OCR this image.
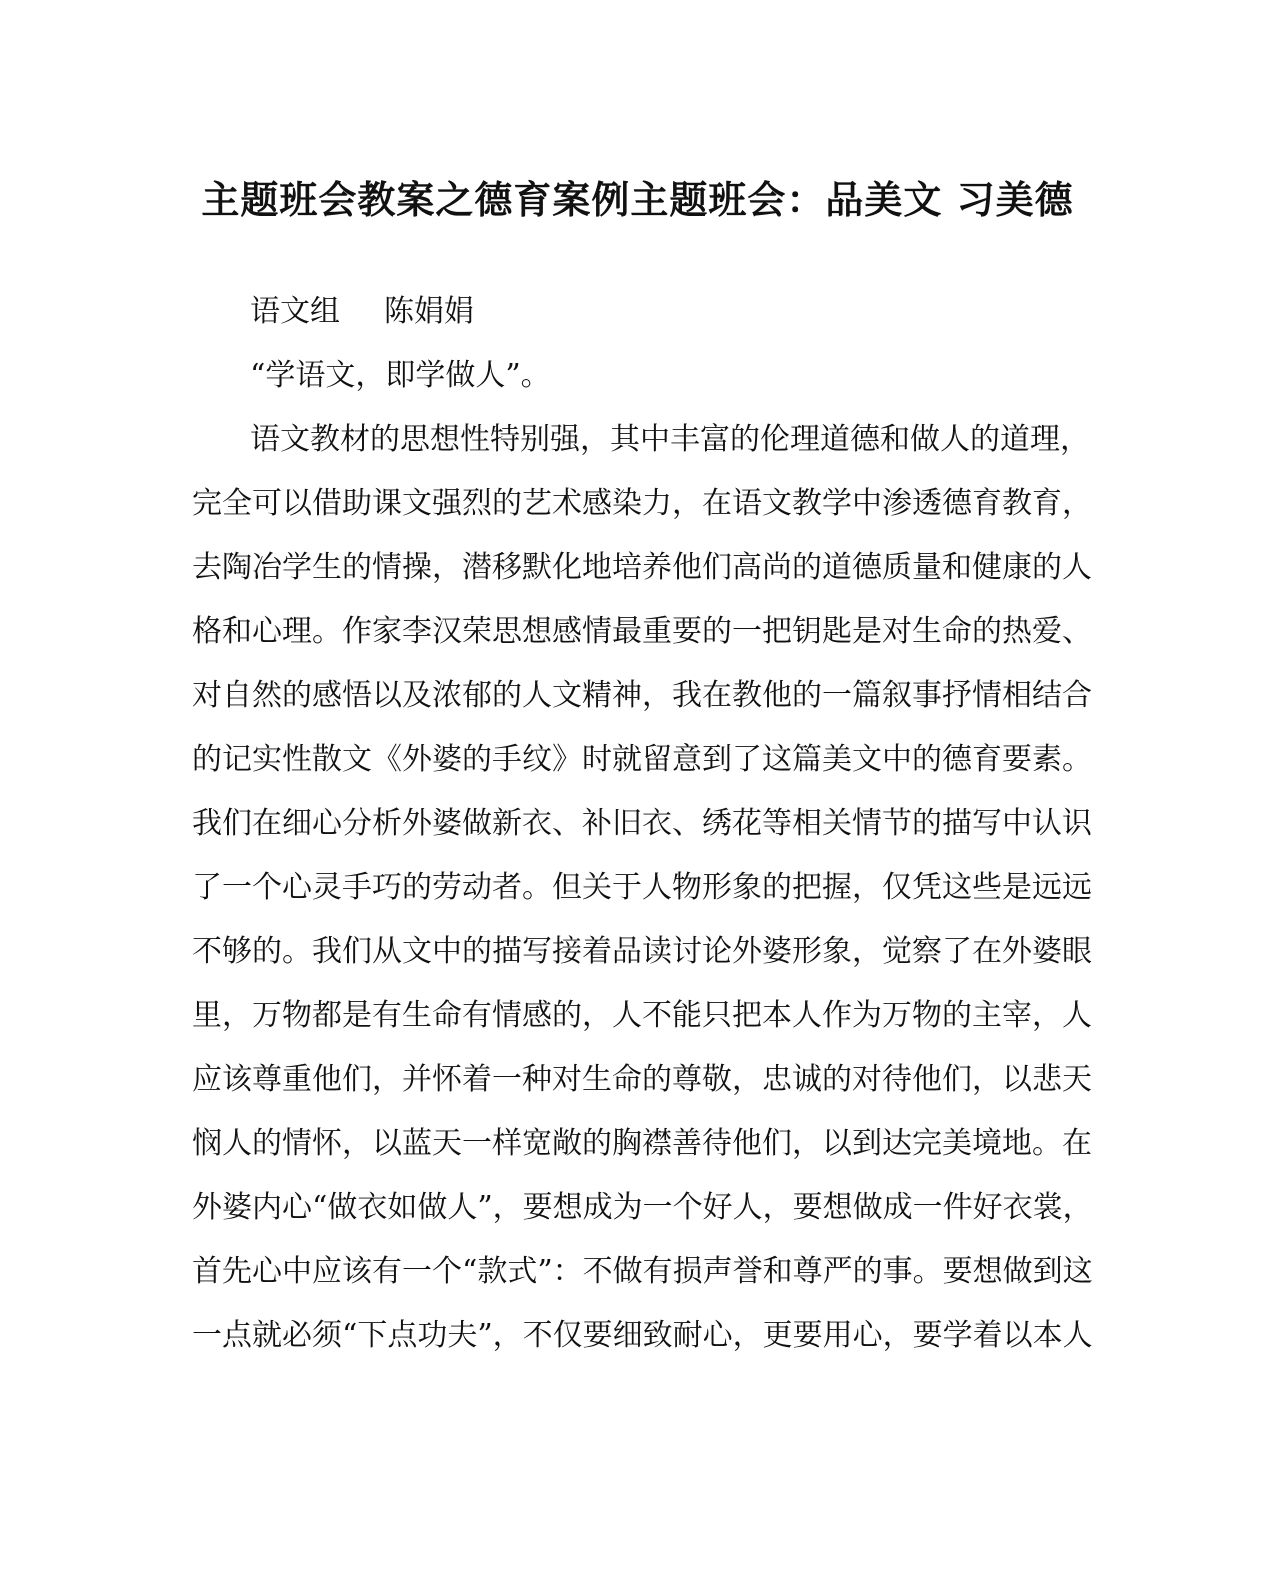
主题班会教案之德育案例主题班会：品美文 习美德
语文组 陈娟娟
“学语文，即学做人”。
语文教材的思想性特别强，其中丰富的伦理道德和做人的道理，
完全可以借助课文强烈的艺术感染力，在语文教学中渗透德育教育，
去陶冶学生的情操，潜移默化地培养他们高尚的道德质量和健康的人
格和心理。作家李汉荣思想感情最重要的一把钥匙是对生命的热爱、
对自然的感悟以及浓郁的人文精神，我在教他的一篇叙事抒情相结合
的记实性散文《外婆的手纹》时就留意到了这篇美文中的德育要素。
我们在细心分析外婆做新衣、补旧衣、绣花等相关情节的描写中认识
了一个心灵手巧的劳动者。但关于人物形象的把握，仅凭这些是远远
不够的。我们从文中的描写接着品读讨论外婆形象，觉察了在外婆眼
里，万物都是有生命有情感的，人不能只把本人作为万物的主宰，人
应该尊重他们，并怀着一种对生命的尊敬，忠诚的对待他们，以悲天
悯人的情怀，以蓝天一样宽敞的胸襟善待他们，以到达完美境地。在
外婆内心“做衣如做人”，要想成为一个好人，要想做成一件好衣裳，
首先心中应该有一个“款式”：不做有损声誉和尊严的事。要想做到这
一点就必须“下点功夫”，不仅要细致耐心，更要用心，要学着以本人
